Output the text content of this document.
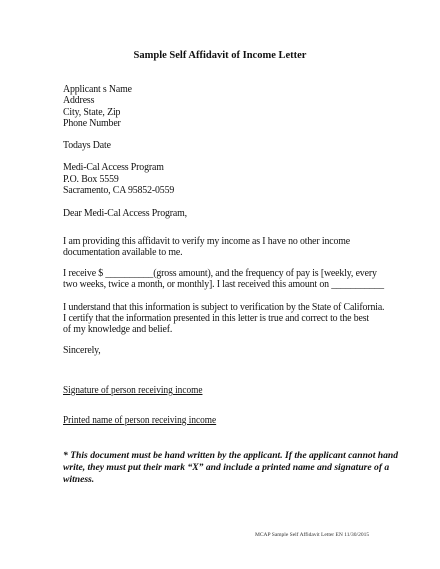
Sample Self Affidavit of Income Letter
Applicant s Name
Address
City, State, Zip
Phone Number
Todays Date
Medi-Cal Access Program
P.O. Box 5559
Sacramento, CA 95852-0559
Dear Medi-Cal Access Program,
I am providing this affidavit to verify my income as I have no other income
documentation available to me.
I receive $ __________(gross amount), and the frequency of pay is [weekly, every
two weeks, twice a month, or monthly]. I last received this amount on ___________
I understand that this information is subject to verification by the State of California.
I certify that the information presented in this letter is true and correct to the best
of my knowledge and belief.
Sincerely,
Signature of person receiving income
Printed name of person receiving income
* This document must be hand written by the applicant. If the applicant cannot hand write, they must put their mark “X” and include a printed name and signature of a witness.
MCAP Sample Self Affidavit Letter EN 11/30/2015
